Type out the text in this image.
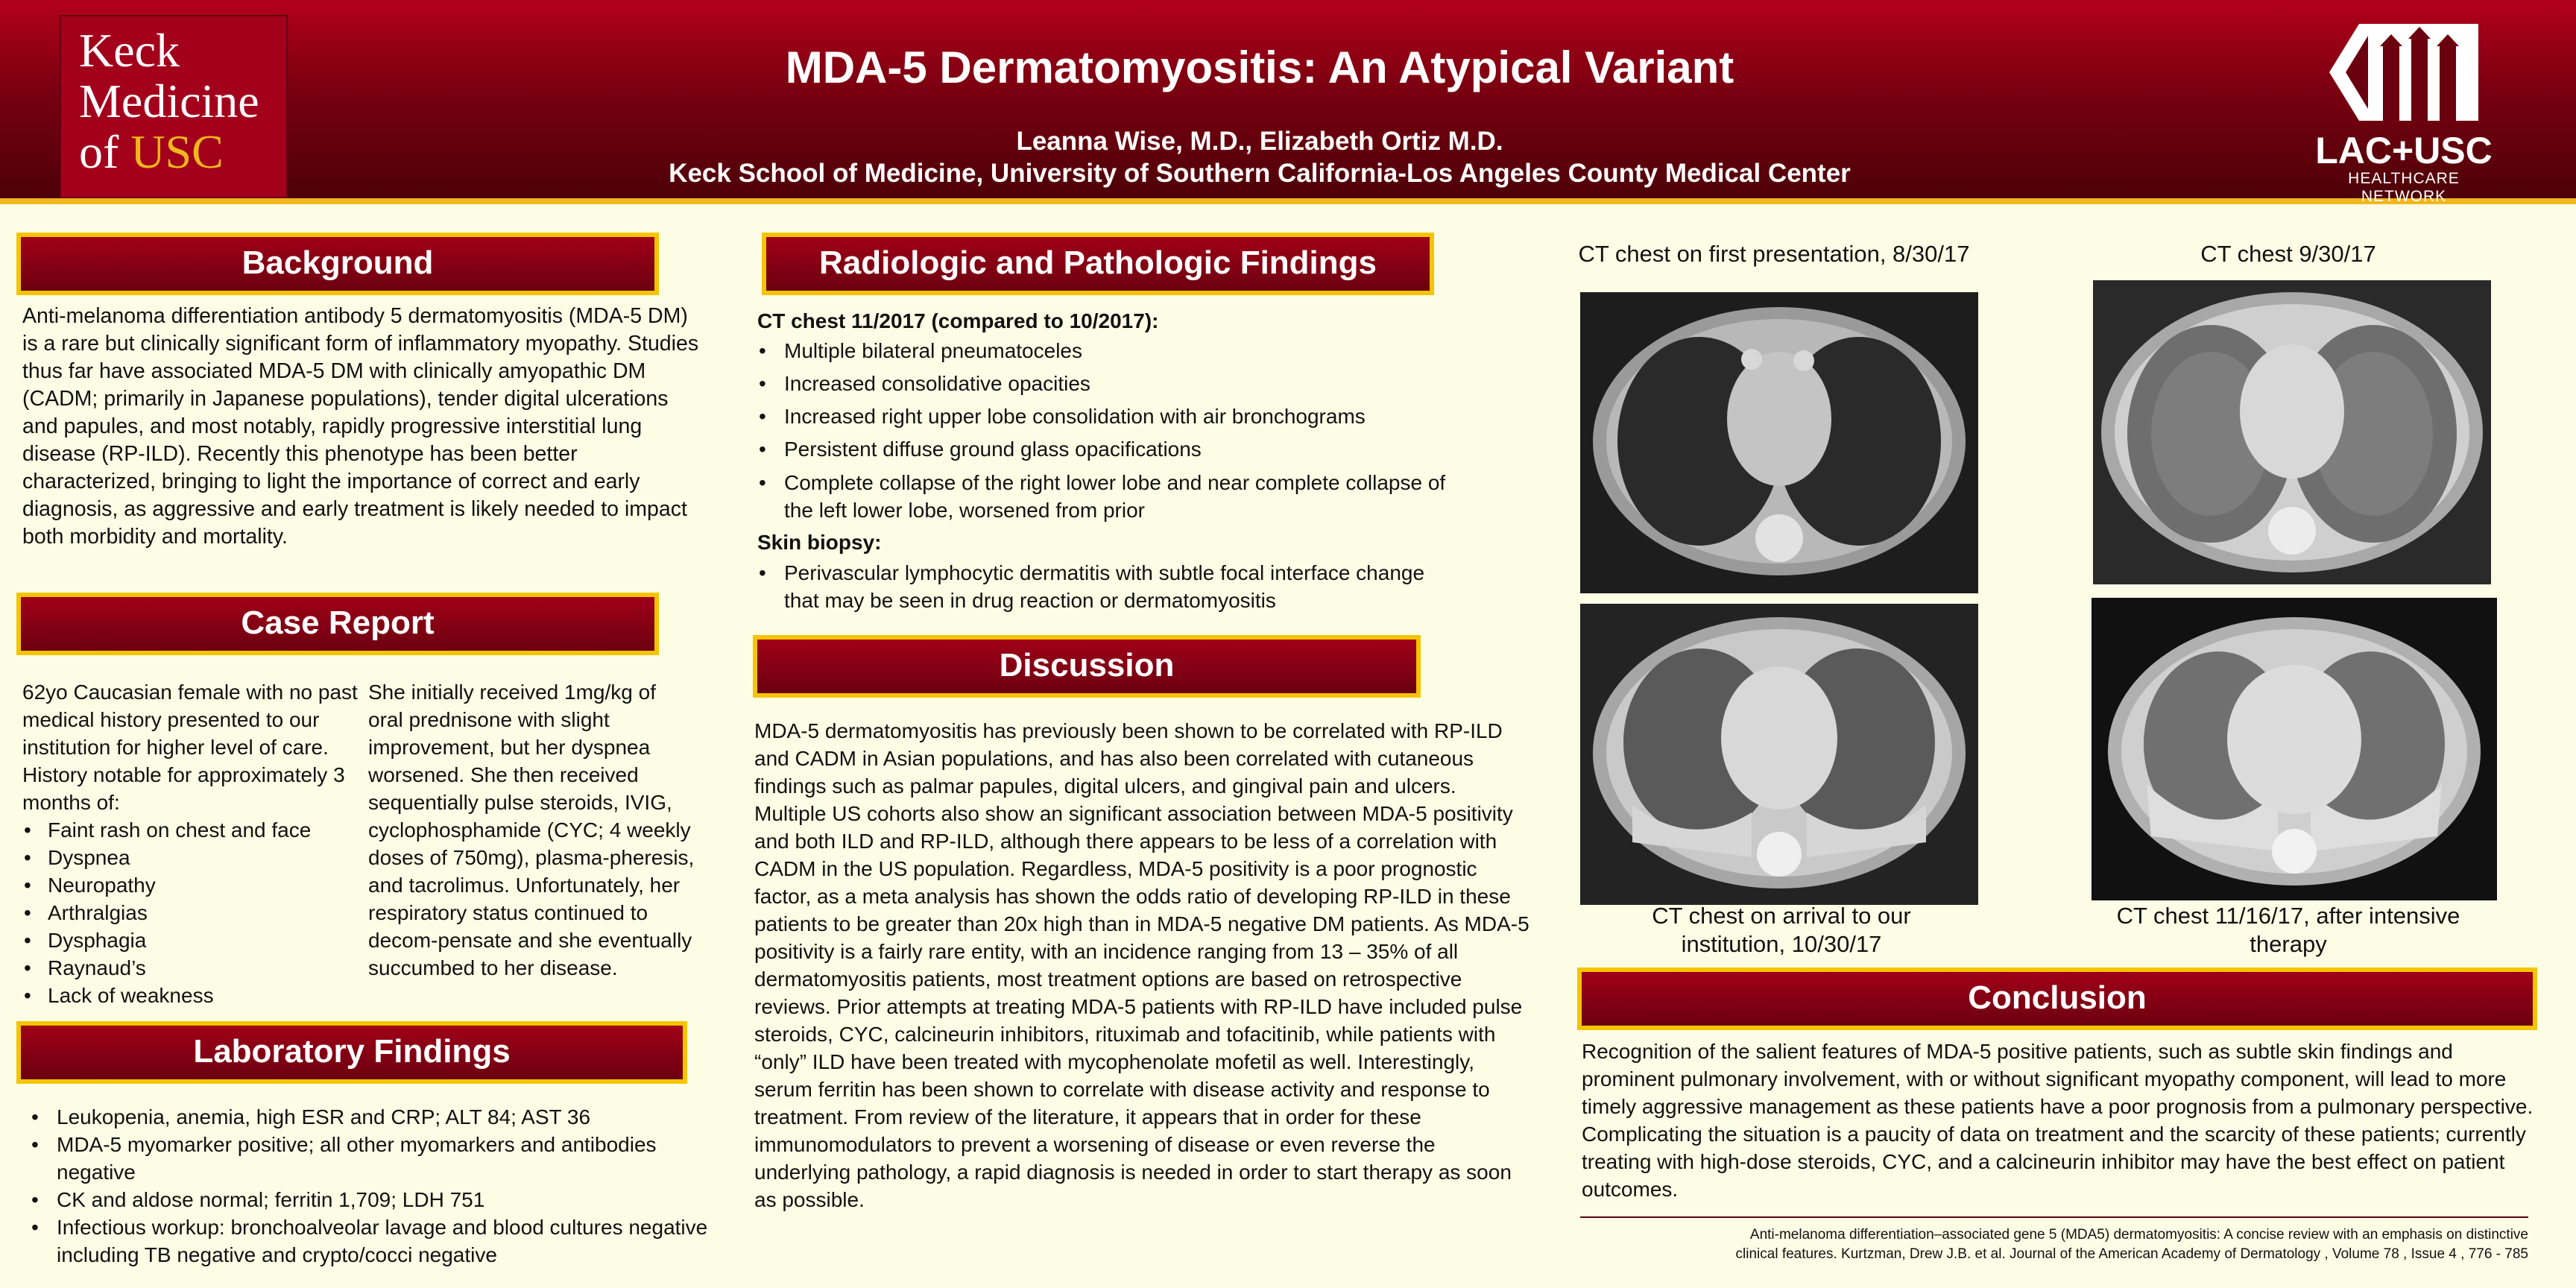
Keck
Medicine
of USC
MDA-5 Dermatomyositis: An Atypical Variant
Leanna Wise, M.D., Elizabeth Ortiz M.D.
Keck School of Medicine, University of Southern California-Los Angeles County Medical Center
LAC+USC
HEALTHCARE NETWORK
Background
Anti-melanoma differentiation antibody 5 dermatomyositis (MDA-5 DM) is a rare but clinically significant form of inflammatory myopathy. Studies thus far have associated MDA-5 DM with clinically amyopathic DM (CADM; primarily in Japanese populations), tender digital ulcerations and papules, and most notably, rapidly progressive interstitial lung disease (RP-ILD). Recently this phenotype has been better characterized, bringing to light the importance of correct and early diagnosis, as aggressive and early treatment is likely needed to impact both morbidity and mortality.
Case Report

62yo Caucasian female with no past medical history presented to our institution for higher level of care. History notable for approximately 3 months of:

• Faint rash on chest and face
• Dyspnea
• Neuropathy
• Arthralgias
• Dysphagia
• Raynaud’s
• Lack of weakness
She initially received 1mg/kg of oral prednisone with slight improvement, but her dyspnea worsened. She then received sequentially pulse steroids, IVIG, cyclophosphamide (CYC; 4 weekly doses of 750mg), plasma-pheresis, and tacrolimus. Unfortunately, her respiratory status continued to decom-pensate and she eventually succumbed to her disease.
Laboratory Findings
• Leukopenia, anemia, high ESR and CRP; ALT 84; AST 36
• MDA-5 myomarker positive; all other myomarkers and antibodies negative
• CK and aldose normal; ferritin 1,709; LDH 751
• Infectious workup: bronchoalveolar lavage and blood cultures negative including TB negative and crypto/cocci negative
Radiologic and Pathologic Findings

CT chest 11/2017 (compared to 10/2017):

• Multiple bilateral pneumatoceles
• Increased consolidative opacities
• Increased right upper lobe consolidation with air bronchograms
• Persistent diffuse ground glass opacifications
• Complete collapse of the right lower lobe and near complete collapse of the left lower lobe, worsened from prior

Skin biopsy:

• Perivascular lymphocytic dermatitis with subtle focal interface change that may be seen in drug reaction or dermatomyositis
Discussion
MDA-5 dermatomyositis has previously been shown to be correlated with RP-ILD and CADM in Asian populations, and has also been correlated with cutaneous findings such as palmar papules, digital ulcers, and gingival pain and ulcers. Multiple US cohorts also show an significant association between MDA-5 positivity and both ILD and RP-ILD, although there appears to be less of a correlation with CADM in the US population. Regardless, MDA-5 positivity is a poor prognostic factor, as a meta analysis has shown the odds ratio of developing RP-ILD in these patients to be greater than 20x high than in MDA-5 negative DM patients. As MDA-5 positivity is a fairly rare entity, with an incidence ranging from 13 – 35% of all dermatomyositis patients, most treatment options are based on retrospective reviews. Prior attempts at treating MDA-5 patients with RP-ILD have included pulse steroids, CYC, calcineurin inhibitors, rituximab and tofacitinib, while patients with “only” ILD have been treated with mycophenolate mofetil as well. Interestingly, serum ferritin has been shown to correlate with disease activity and response to treatment. From review of the literature, it appears that in order for these immunomodulators to prevent a worsening of disease or even reverse the underlying pathology, a rapid diagnosis is needed in order to start therapy as soon as possible.
CT chest on first presentation, 8/30/17	CT chest 9/30/17
CT chest on arrival to our institution, 10/30/17
CT chest 11/16/17, after intensive therapy
Conclusion
Recognition of the salient features of MDA-5 positive patients, such as subtle skin findings and prominent pulmonary involvement, with or without significant myopathy component, will lead to more timely aggressive management as these patients have a poor prognosis from a pulmonary perspective. Complicating the situation is a paucity of data on treatment and the scarcity of these patients; currently treating with high-dose steroids, CYC, and a calcineurin inhibitor may have the best effect on patient outcomes.
Anti-melanoma differentiation–associated gene 5 (MDA5) dermatomyositis: A concise review with an emphasis on distinctive
clinical features. Kurtzman, Drew J.B. et al. Journal of the American Academy of Dermatology , Volume 78 , Issue 4 , 776 - 785
